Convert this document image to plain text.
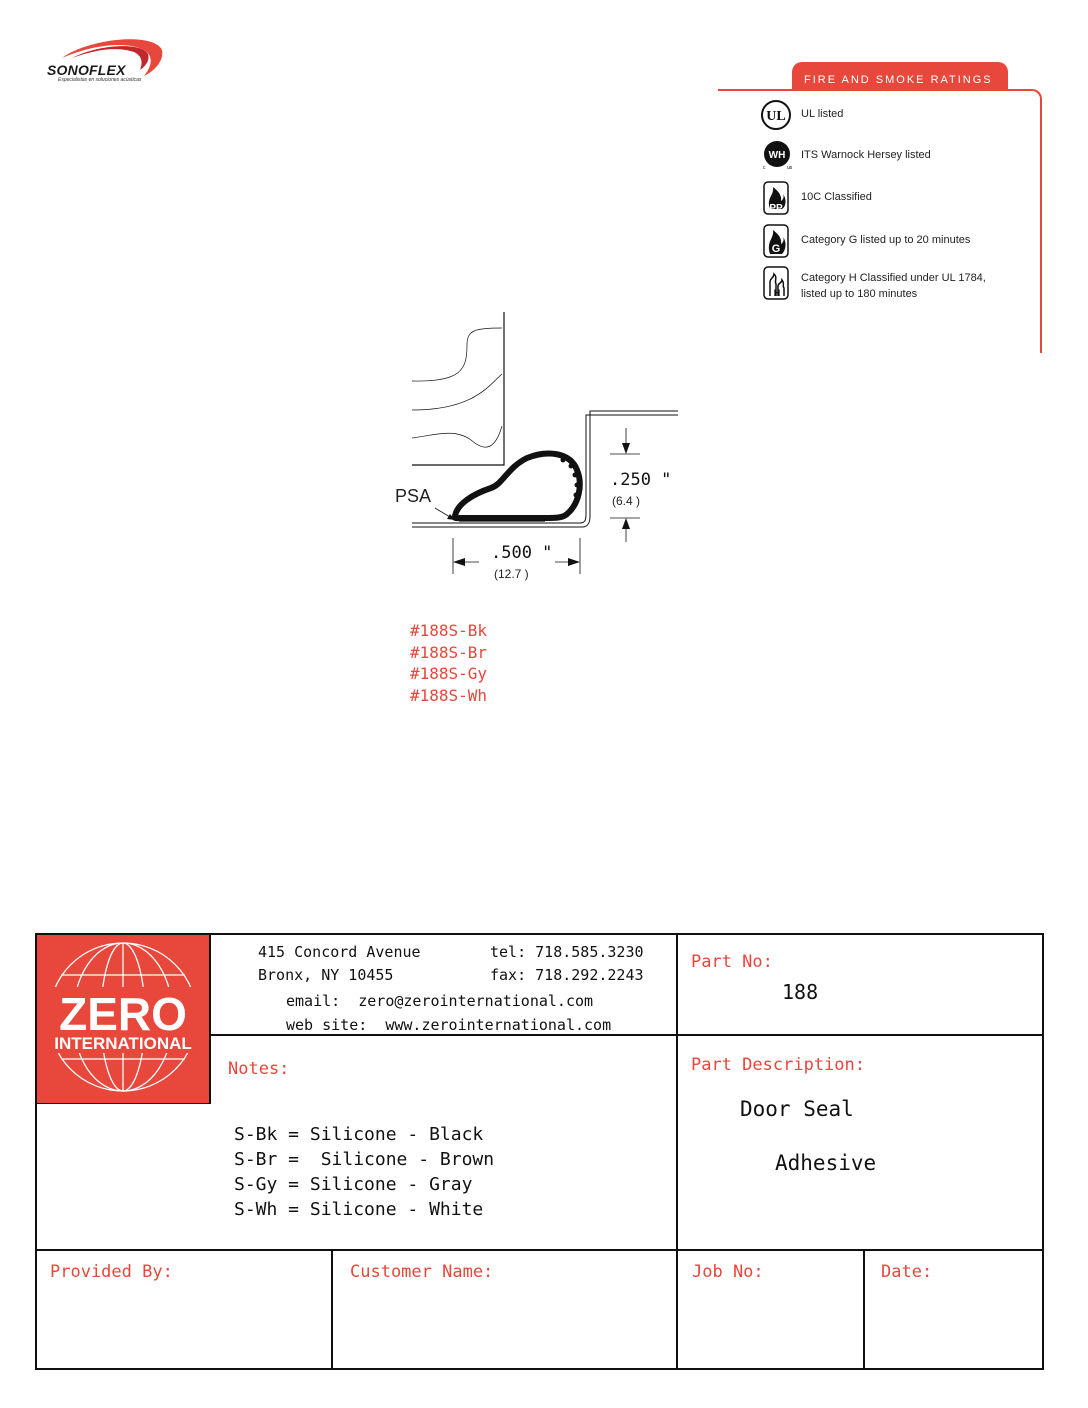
SONOFLEX
Especialistas en soluciones acústicas	FIRE AND SMOKE RATINGS
UL UL listed
WH
c	us
ITS Warnock Hersey listed
PP
10C Classified
G
Category G listed up to 20 minutes
H
Category H Classified under UL 1784,
listed up to 180 minutes
PSA
.250 "
(6.4 )
.500 "
(12.7 )
#188S-Bk
#188S-Br
#188S-Gy
#188S-Wh
ZERO
INTERNATIONAL
415 Concord Avenue
Bronx, NY 10455
tel: 718.585.3230
fax: 718.292.2243
email:  zero@zerointernational.com
web site:  www.zerointernational.com
Part No:
188
Notes:
S-Bk = Silicone - Black
S-Br =  Silicone - Brown
S-Gy = Silicone - Gray
S-Wh = Silicone - White
Part Description:
Door Seal
Adhesive
Provided By:	Customer Name:	Job No:	Date:
